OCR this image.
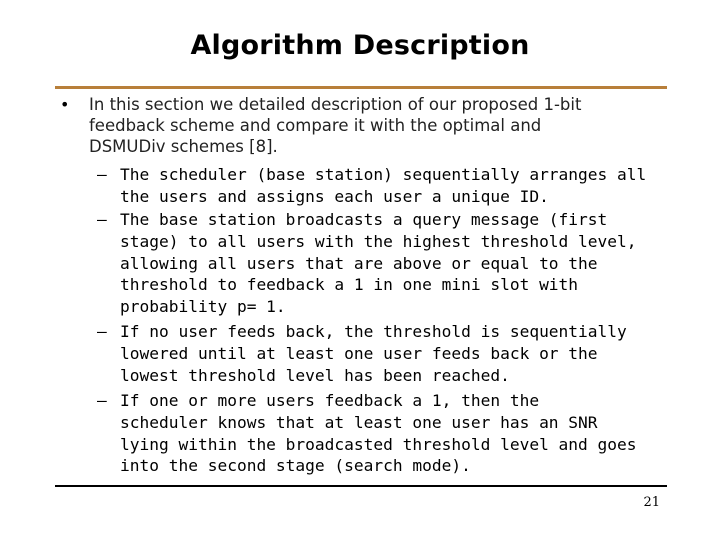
Algorithm Description
• In this section we detailed description of our proposed 1-bit
feedback scheme and compare it with the optimal and
DSMUDiv schemes [8].
– The scheduler (base station) sequentially arranges all
the users and assigns each user a unique ID.
– The base station broadcasts a query message (first
stage) to all users with the highest threshold level,
allowing all users that are above or equal to the
threshold to feedback a 1 in one mini slot with
probability p= 1.
– If no user feeds back, the threshold is sequentially
lowered until at least one user feeds back or the
lowest threshold level has been reached.
– If one or more users feedback a 1, then the
scheduler knows that at least one user has an SNR
lying within the broadcasted threshold level and goes
into the second stage (search mode).
21
